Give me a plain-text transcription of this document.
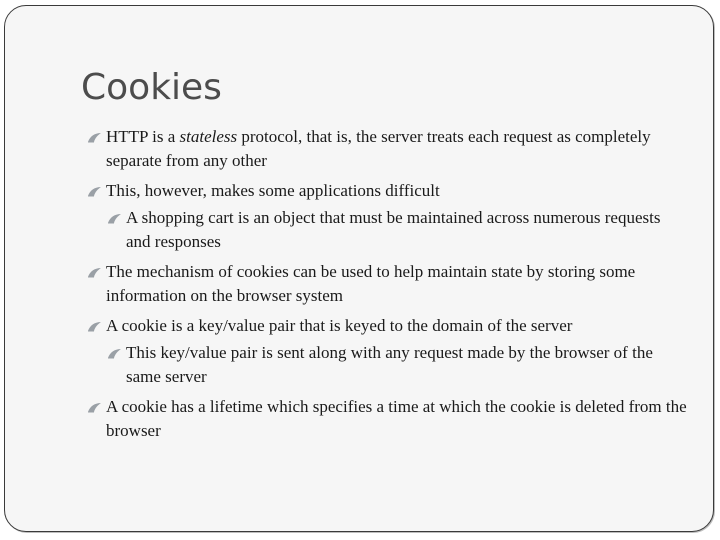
Cookies
HTTP is a stateless protocol, that is, the server treats each request as completely separate from any other
This, however, makes some applications difficult
A shopping cart is an object that must be maintained across numerous requests and responses
The mechanism of cookies can be used to help maintain state by storing some information on the browser system
A cookie is a key/value pair that is keyed to the domain of the server
This key/value pair is sent along with any request made by the browser of the same server
A cookie has a lifetime which specifies a time at which the cookie is deleted from the browser
